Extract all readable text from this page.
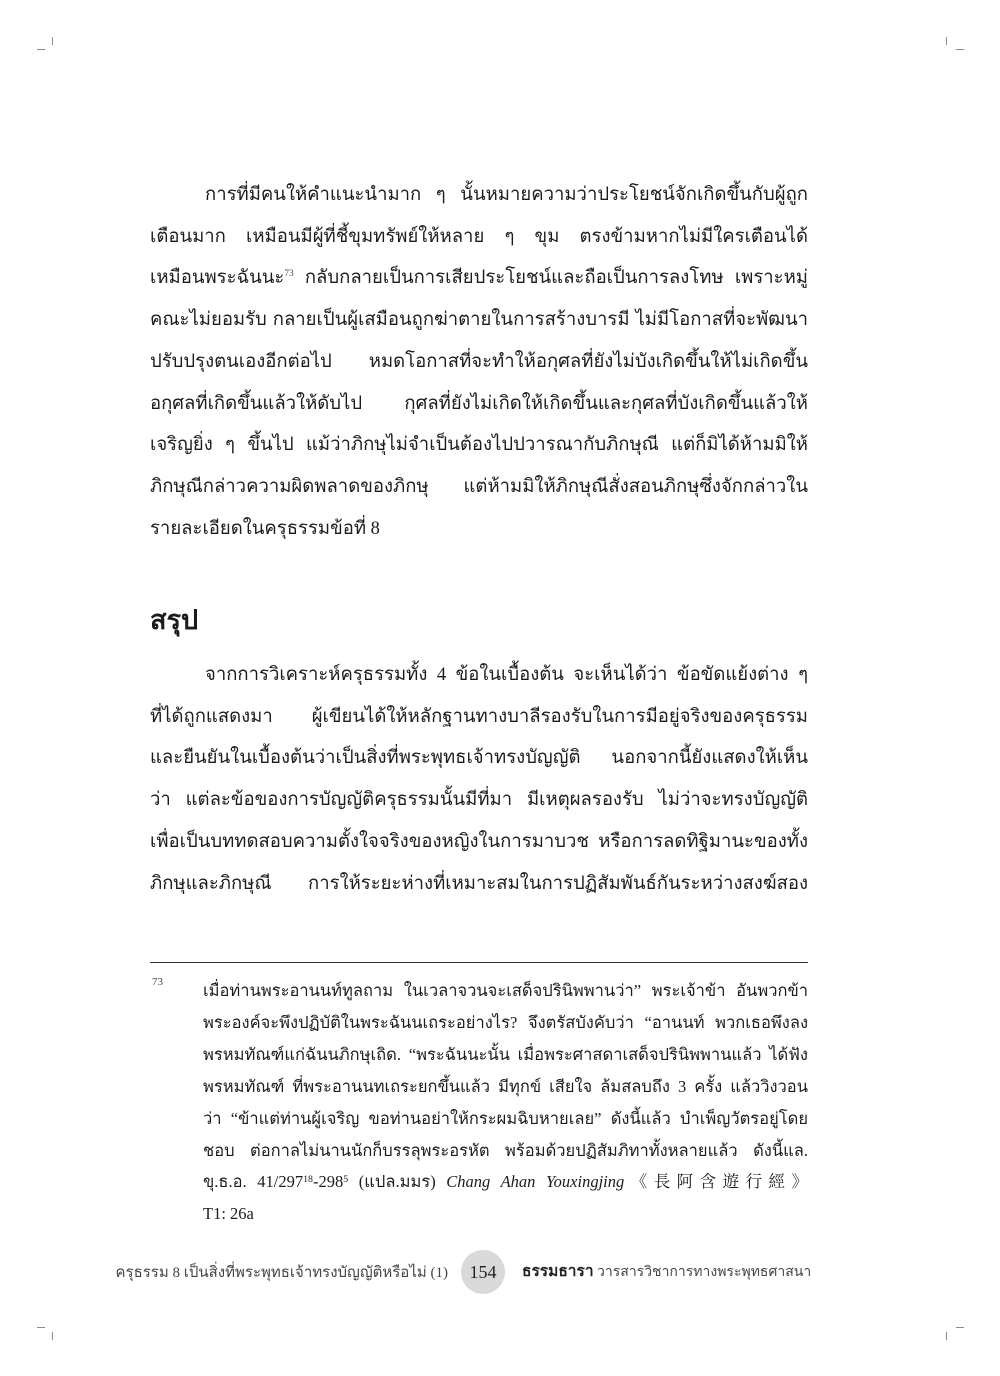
การที่มีคนให้คำแนะนำมาก ๆ นั้นหมายความว่าประโยชน์จักเกิดขึ้นกับผู้ถูก
เตือนมาก เหมือนมีผู้ที่ชี้ขุมทรัพย์ให้หลาย ๆ ขุม ตรงข้ามหากไม่มีใครเตือนได้
เหมือนพระฉันนะ$^{73}$ กลับกลายเป็นการเสียประโยชน์และถือเป็นการลงโทษ เพราะหมู่
คณะไม่ยอมรับ กลายเป็นผู้เสมือนถูกฆ่าตายในการสร้างบารมี ไม่มีโอกาสที่จะพัฒนา
ปรับปรุงตนเองอีกต่อไป หมดโอกาสที่จะทำให้อกุศลที่ยังไม่บังเกิดขึ้นให้ไม่เกิดขึ้น
อกุศลที่เกิดขึ้นแล้วให้ดับไป กุศลที่ยังไม่เกิดให้เกิดขึ้นและกุศลที่บังเกิดขึ้นแล้วให้
เจริญยิ่ง ๆ ขึ้นไป แม้ว่าภิกษุไม่จำเป็นต้องไปปวารณากับภิกษุณี แต่ก็มิได้ห้ามมิให้
ภิกษุณีกล่าวความผิดพลาดของภิกษุ แต่ห้ามมิให้ภิกษุณีสั่งสอนภิกษุซึ่งจักกล่าวใน
รายละเอียดในครุธรรมข้อที่ 8
สรุป
จากการวิเคราะห์ครุธรรมทั้ง 4 ข้อในเบื้องต้น จะเห็นได้ว่า ข้อขัดแย้งต่าง ๆ
ที่ได้ถูกแสดงมา ผู้เขียนได้ให้หลักฐานทางบาลีรองรับในการมีอยู่จริงของครุธรรม
และยืนยันในเบื้องต้นว่าเป็นสิ่งที่พระพุทธเจ้าทรงบัญญัติ นอกจากนี้ยังแสดงให้เห็น
ว่า แต่ละข้อของการบัญญัติครุธรรมนั้นมีที่มา มีเหตุผลรองรับ ไม่ว่าจะทรงบัญญัติ
เพื่อเป็นบททดสอบความตั้งใจจริงของหญิงในการมาบวช หรือการลดทิฐิมานะของทั้ง
ภิกษุและภิกษุณี การให้ระยะห่างที่เหมาะสมในการปฏิสัมพันธ์กันระหว่างสงฆ์สอง
73 เมื่อท่านพระอานนท์ทูลถาม ในเวลาจวนจะเสด็จปรินิพพานว่า” พระเจ้าข้า อันพวกข้า
พระองค์จะพึงปฏิบัติในพระฉันนเถระอย่างไร? จึงตรัสบังคับว่า “อานนท์ พวกเธอพึงลง
พรหมทัณฑ์แก่ฉันนภิกษุเถิด. “พระฉันนะนั้น เมื่อพระศาสดาเสด็จปรินิพพานแล้ว ได้ฟัง
พรหมทัณฑ์ ที่พระอานนทเถระยกขึ้นแล้ว มีทุกข์ เสียใจ ล้มสลบถึง 3 ครั้ง แล้ววิงวอน
ว่า “ข้าแต่ท่านผู้เจริญ ขอท่านอย่าให้กระผมฉิบหายเลย” ดังนี้แล้ว บำเพ็ญวัตรอยู่โดย
ชอบ ต่อกาลไม่นานนักก็บรรลุพระอรหัต พร้อมด้วยปฏิสัมภิทาทั้งหลายแล้ว ดังนี้แล.
ขุ.ธ.อ. $41/297^{18}-298^5$ (แปล.มมร) Chang Ahan Youxingjing《長阿含遊行經》
T1: 26a
ครุธรรม 8 เป็นสิ่งที่พระพุทธเจ้าทรงบัญญัติหรือไม่ (1)	154	ธรรมธารา วารสารวิชาการทางพระพุทธศาสนา
